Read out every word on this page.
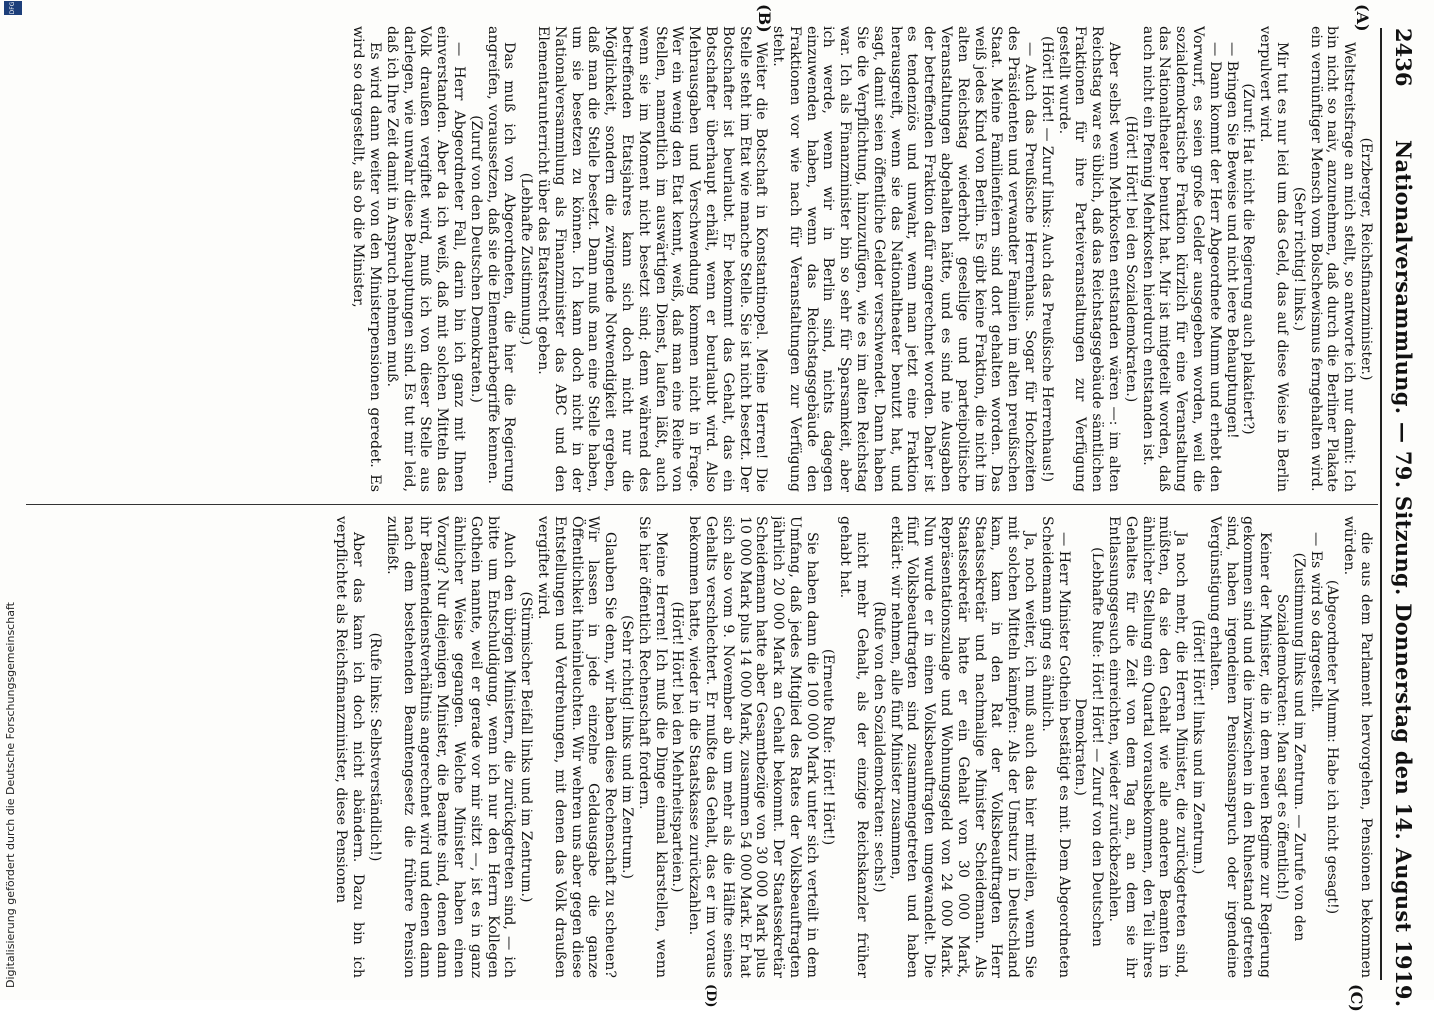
2436
Nationalversammlung. — 79. Sitzung. Donnerstag den 14. August 1919.
(A)
(B)
(C)
(D)

(Erzberger, Reichsfinanzminister.)

Weltstreitsfrage an mich stellt, so antworte ich nur damit: Ich bin nicht so naiv, anzunehmen, daß durch die Berliner Plakate ein vernünftiger Mensch vom Bolschewismus ferngehalten wird.

(Sehr richtig! links.)

Mir tut es nur leid um das Geld, das auf diese Weise in Berlin verpulvert wird.

(Zuruf: Hat nicht die Regierung auch plakatiert?)

— Bringen Sie Beweise und nicht leere Behauptungen!

— Dann kommt der Herr Abgeordnete Mumm und erhebt den Vorwurf, es seien große Gelder ausgegeben worden, weil die sozialdemokratische Fraktion kürzlich für eine Veranstaltung das Nationaltheater benutzt hat. Mir ist mitgeteilt worden, daß auch nicht ein Pfennig Mehrkosten hierdurch entstanden ist.

(Hört! Hört! bei den Sozialdemokraten.)

Aber selbst wenn Mehrkosten entstanden wären —: im alten Reichstag war es üblich, daß das Reichstagsgebäude sämtlichen Fraktionen für ihre Parteiveranstaltungen zur Verfügung gestellt wurde.

(Hört! Hört! — Zuruf links: Auch das Preußische Herrenhaus!)

— Auch das Preußische Herrenhaus. Sogar für Hochzeiten des Präsidenten und verwandter Familien im alten preußischen Staat. Meine Familienfeiern sind dort gehalten worden. Das weiß jedes Kind von Berlin. Es gibt keine Fraktion, die nicht im alten Reichstag wiederholt gesellige und parteipolitische Veranstaltungen abgehalten hätte, und es sind nie Ausgaben der betreffenden Fraktion dafür angerechnet worden. Daher ist es tendenziös und unwahr, wenn man jetzt eine Fraktion herausgreift, wenn sie das Nationaltheater benutzt hat, und sagt, damit seien öffentliche Gelder verschwendet. Dann haben Sie die Verpflichtung, hinzuzufügen, wie es im alten Reichstag war. Ich als Finanzminister bin so sehr für Sparsamkeit, aber ich werde, wenn wir in Berlin sind, nichts dagegen einzuwenden haben, wenn das Reichstagsgebäude den Fraktionen vor wie nach für Veranstaltungen zur Verfügung steht.

Weiter die Botschaft in Konstantinopel. Meine Herren! Die Stelle steht im Etat wie manche Stelle. Sie ist nicht besetzt. Der Botschafter ist beurlaubt. Er bekommt das Gehalt, das ein Botschafter überhaupt erhält, wenn er beurlaubt wird. Also Mehrausgaben und Verschwendung kommen nicht in Frage. Wer ein wenig den Etat kennt, weiß, daß man eine Reihe von Stellen, namentlich im auswärtigen Dienst, laufen läßt, auch wenn sie im Moment nicht besetzt sind; denn während des betreffenden Etatsjahres kann sich doch nicht nur die Möglichkeit, sondern die zwingende Notwendigkeit ergeben, daß man die Stelle besetzt. Dann muß man eine Stelle haben, um sie besetzen zu können. Ich kann doch nicht in der Nationalversammlung als Finanzminister das ABC und den Elementarunterricht über das Etatsrecht geben.

(Lebhafte Zustimmung.)

Das muß ich von Abgeordneten, die hier die Regierung angreifen, voraussetzen, daß sie die Elementarbegriffe kennen.

(Zuruf von den Deutschen Demokraten.)

— Herr Abgeordneter Fall, darin bin ich ganz mit Ihnen einverstanden. Aber da ich weiß, daß mit solchen Mitteln das Volk draußen vergiftet wird, muß ich von dieser Stelle aus darlegen, wie unwahr diese Behauptungen sind. Es tut mir leid, daß ich Ihre Zeit damit in Anspruch nehmen muß.

Es wird dann weiter von den Ministerpensionen geredet. Es wird so dargestellt, als ob die Minister,

die aus dem Parlament hervorgehen, Pensionen bekommen würden.

(Abgeordneter Mumm: Habe ich nicht gesagt!)

— Es wird so dargestellt.

(Zustimmung links und im Zentrum. — Zurufe von den Sozialdemokraten: Man sagt es öffentlich!)

Keiner der Minister, die in dem neuen Regime zur Regierung gekommen sind und die inzwischen in den Ruhestand getreten sind, haben irgendeinen Pensionsanspruch oder irgendeine Vergünstigung erhalten.

(Hört! Hört! links und im Zentrum.)

Ja noch mehr, die Herren Minister, die zurückgetreten sind, müßten, da sie den Gehalt wie alle anderen Beamten in ähnlicher Stellung ein Quartal vorausbekommen, den Teil ihres Gehaltes für die Zeit von dem Tag an, an dem sie ihr Entlassungsgesuch einreichten, wieder zurückbezahlen.

(Lebhafte Rufe: Hört! Hört! — Zuruf von den Deutschen Demokraten.)

— Herr Minister Gothein bestätigt es mit. Dem Abgeordneten Scheidemann ging es ähnlich.

Ja, noch weiter, ich muß auch das hier mitteilen, wenn Sie mit solchen Mitteln kämpfen: Als der Umsturz in Deutschland kam, kam in den Rat der Volksbeauftragten Herr Staatssekretär und nachmalige Minister Scheidemann. Als Staatssekretär hatte er ein Gehalt von 30 000 Mark, Repräsentationszulage und Wohnungsgeld von 24 000 Mark. Nun wurde er in einen Volksbeauftragten umgewandelt. Die fünf Volksbeauftragten sind zusammengetreten und haben erklärt: wir nehmen, alle fünf Minister zusammen,

(Rufe von den Sozialdemokraten: sechs!)

nicht mehr Gehalt, als der einzige Reichskanzler früher gehabt hat.

(Erneute Rufe: Hört! Hört!)

Sie haben dann die 100 000 Mark unter sich verteilt in dem Umfang, daß jedes Mitglied des Rates der Volksbeauftragten jährlich 20 000 Mark an Gehalt bekommt. Der Staatssekretär Scheidemann hatte aber Gesamtbezüge von 30 000 Mark plus 10 000 Mark plus 14 000 Mark, zusammen 54 000 Mark. Er hat sich also vom 9. November ab um mehr als die Hälfte seines Gehalts verschlechtert. Er mußte das Gehalt, das er im voraus bekommen hatte, wieder in die Staatskasse zurückzahlen.

(Hört! Hört! bei den Mehrheitsparteien.)

Meine Herren! Ich muß die Dinge einmal klarstellen, wenn Sie hier öffentlich Rechenschaft fordern.

(Sehr richtig! links und im Zentrum.)

Glauben Sie denn, wir haben diese Rechenschaft zu scheuen? Wir lassen in jede einzelne Geldausgabe die ganze Öffentlichkeit hineinleuchten. Wir wehren uns aber gegen diese Entstellungen und Verdrehungen, mit denen das Volk draußen vergiftet wird.

(Stürmischer Beifall links und im Zentrum.)

Auch den übrigen Ministern, die zurückgetreten sind, — ich bitte um Entschuldigung, wenn ich nur den Herrn Kollegen Gothein nannte, weil er gerade vor mir sitzt —, ist es in ganz ähnlicher Weise gegangen. Welche Minister haben einen Vorzug? Nur diejenigen Minister, die Beamte sind, denen dann ihr Beamtendienstverhältnis angerechnet wird und denen dann nach dem bestehenden Beamtengesetz die frühere Pension zufließt.

(Rufe links: Selbstverständlich!)

Aber das kann ich doch nicht abändern. Dazu bin ich verpflichtet als Reichsfinanzminister, diese Pensionen

Digitalisierung gefördert durch die Deutsche Forschungsgemeinschaft
DFG
